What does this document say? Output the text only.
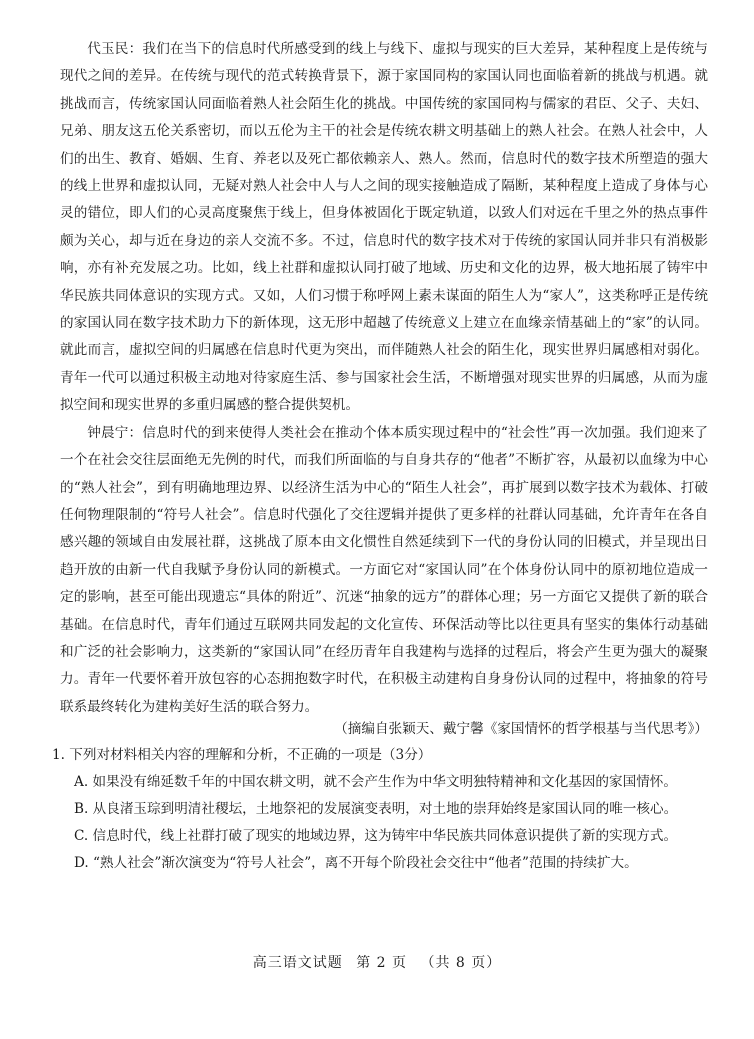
代玉民：我们在当下的信息时代所感受到的线上与线下、虚拟与现实的巨大差异，某种程度上是传统与现代之间的差异。在传统与现代的范式转换背景下，源于家国同构的家国认同也面临着新的挑战与机遇。就挑战而言，传统家国认同面临着熟人社会陌生化的挑战。中国传统的家国同构与儒家的君臣、父子、夫妇、兄弟、朋友这五伦关系密切，而以五伦为主干的社会是传统农耕文明基础上的熟人社会。在熟人社会中，人们的出生、教育、婚姻、生育、养老以及死亡都依赖亲人、熟人。然而，信息时代的数字技术所塑造的强大的线上世界和虚拟认同，无疑对熟人社会中人与人之间的现实接触造成了隔断，某种程度上造成了身体与心灵的错位，即人们的心灵高度聚焦于线上，但身体被固化于既定轨道，以致人们对远在千里之外的热点事件颇为关心，却与近在身边的亲人交流不多。不过，信息时代的数字技术对于传统的家国认同并非只有消极影响，亦有补充发展之功。比如，线上社群和虚拟认同打破了地域、历史和文化的边界，极大地拓展了铸牢中华民族共同体意识的实现方式。又如，人们习惯于称呼网上素未谋面的陌生人为“家人”，这类称呼正是传统的家国认同在数字技术助力下的新体现，这无形中超越了传统意义上建立在血缘亲情基础上的“家”的认同。就此而言，虚拟空间的归属感在信息时代更为突出，而伴随熟人社会的陌生化，现实世界归属感相对弱化。青年一代可以通过积极主动地对待家庭生活、参与国家社会生活，不断增强对现实世界的归属感，从而为虚拟空间和现实世界的多重归属感的整合提供契机。

钟晨宁：信息时代的到来使得人类社会在推动个体本质实现过程中的“社会性”再一次加强。我们迎来了一个在社会交往层面绝无先例的时代，而我们所面临的与自身共存的“他者”不断扩容，从最初以血缘为中心的“熟人社会”，到有明确地理边界、以经济生活为中心的“陌生人社会”，再扩展到以数字技术为载体、打破任何物理限制的“符号人社会”。信息时代强化了交往逻辑并提供了更多样的社群认同基础，允许青年在各自感兴趣的领域自由发展社群，这挑战了原本由文化惯性自然延续到下一代的身份认同的旧模式，并呈现出日趋开放的由新一代自我赋予身份认同的新模式。一方面它对“家国认同”在个体身份认同中的原初地位造成一定的影响，甚至可能出现遗忘“具体的附近”、沉迷“抽象的远方”的群体心理；另一方面它又提供了新的联合基础。在信息时代，青年们通过互联网共同发起的文化宣传、环保活动等比以往更具有坚实的集体行动基础和广泛的社会影响力，这类新的“家国认同”在经历青年自我建构与选择的过程后，将会产生更为强大的凝聚力。青年一代要怀着开放包容的心态拥抱数字时代，在积极主动建构自身身份认同的过程中，将抽象的符号联系最终转化为建构美好生活的联合努力。

（摘编自张颖天、戴宁馨《家国情怀的哲学根基与当代思考》）

1. 下列对材料相关内容的理解和分析，不正确的一项是（3分）

A. 如果没有绵延数千年的中国农耕文明，就不会产生作为中华文明独特精神和文化基因的家国情怀。

B. 从良渚玉琮到明清社稷坛，土地祭祀的发展演变表明，对土地的崇拜始终是家国认同的唯一核心。

C. 信息时代，线上社群打破了现实的地域边界，这为铸牢中华民族共同体意识提供了新的实现方式。

D. “熟人社会”渐次演变为“符号人社会”，离不开每个阶段社会交往中“他者”范围的持续扩大。

高三语文试题 第 2 页 （共 8 页）
